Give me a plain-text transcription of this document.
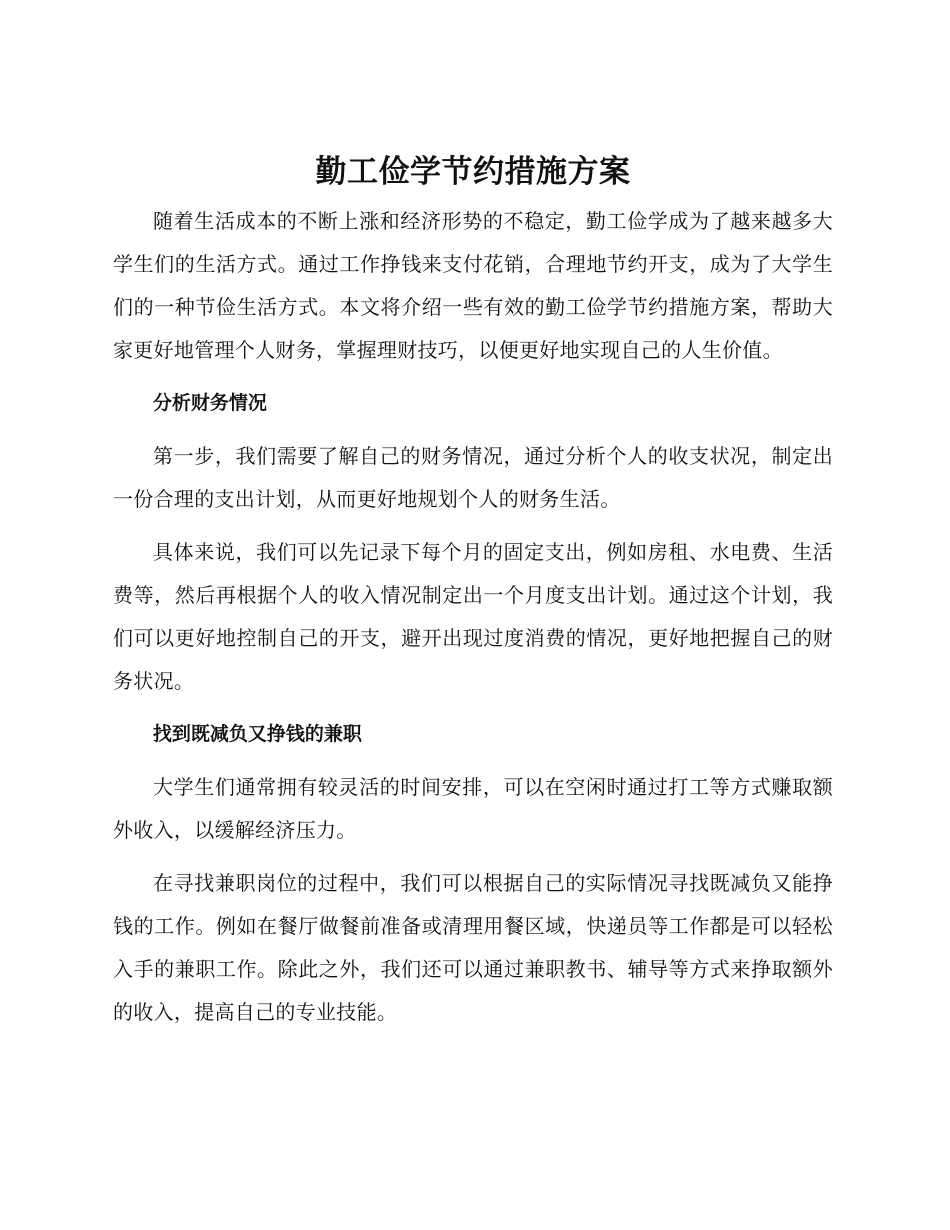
勤工俭学节约措施方案

随着生活成本的不断上涨和经济形势的不稳定，勤工俭学成为了越来越多大学生们的生活方式。通过工作挣钱来支付花销，合理地节约开支，成为了大学生们的一种节俭生活方式。本文将介绍一些有效的勤工俭学节约措施方案，帮助大家更好地管理个人财务，掌握理财技巧，以便更好地实现自己的人生价值。

分析财务情况

第一步，我们需要了解自己的财务情况，通过分析个人的收支状况，制定出一份合理的支出计划，从而更好地规划个人的财务生活。

具体来说，我们可以先记录下每个月的固定支出，例如房租、水电费、生活费等，然后再根据个人的收入情况制定出一个月度支出计划。通过这个计划，我们可以更好地控制自己的开支，避开出现过度消费的情况，更好地把握自己的财务状况。

找到既减负又挣钱的兼职

大学生们通常拥有较灵活的时间安排，可以在空闲时通过打工等方式赚取额外收入，以缓解经济压力。

在寻找兼职岗位的过程中，我们可以根据自己的实际情况寻找既减负又能挣钱的工作。例如在餐厅做餐前准备或清理用餐区域，快递员等工作都是可以轻松入手的兼职工作。除此之外，我们还可以通过兼职教书、辅导等方式来挣取额外的收入，提高自己的专业技能。
